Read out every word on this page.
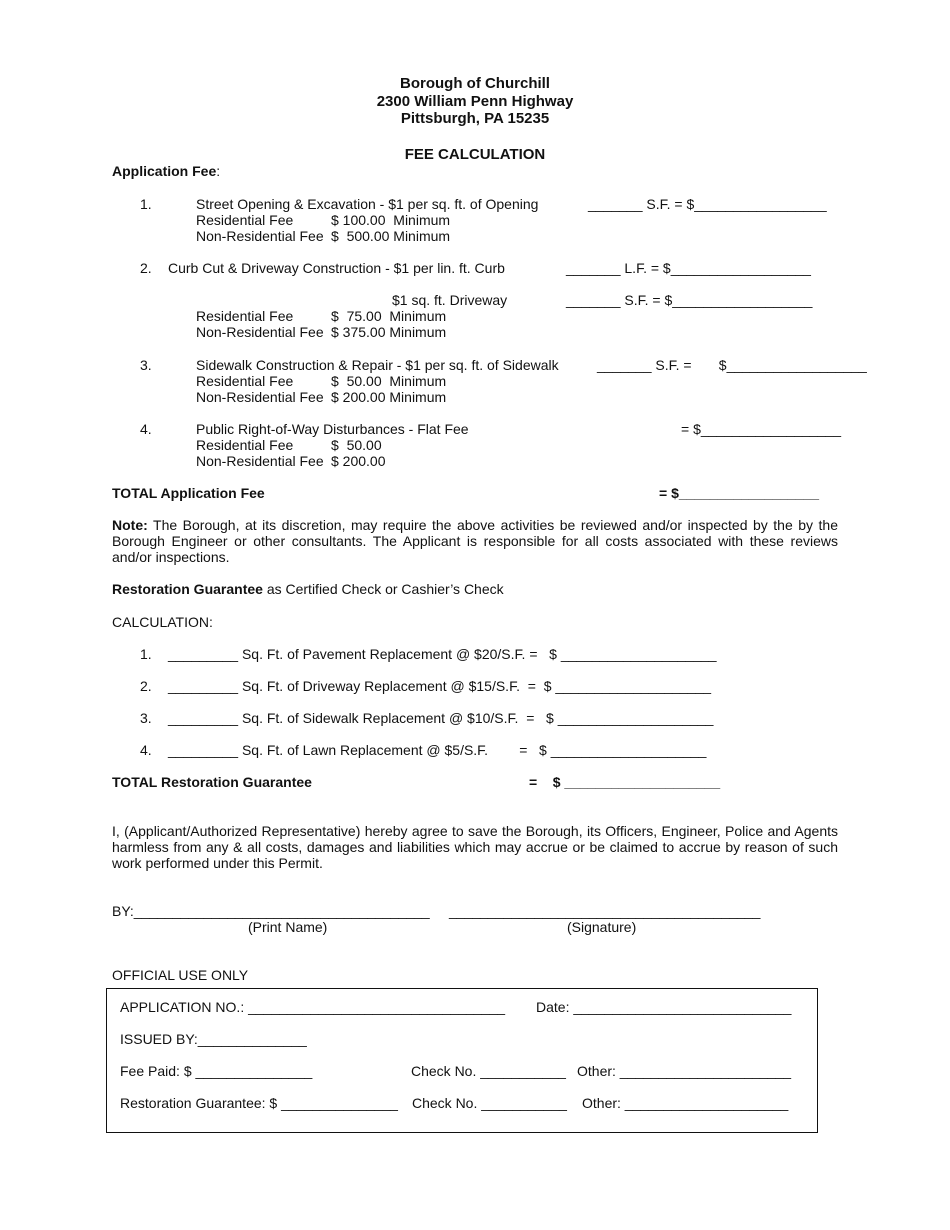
Borough of Churchill
2300 William Penn Highway
Pittsburgh, PA 15235
FEE CALCULATION
Application Fee:
1.	Street Opening & Excavation - $1 per sq. ft. of Opening	_______ S.F. = $_________________
Residential Fee	$ 100.00  Minimum
Non-Residential Fee $  500.00 Minimum
2. Curb Cut & Driveway Construction - $1 per lin. ft. Curb	_______ L.F. = $__________________
$1 sq. ft. Driveway	_______ S.F. = $__________________
Residential Fee	$  75.00  Minimum
Non-Residential Fee $ 375.00 Minimum
3.	Sidewalk Construction & Repair - $1 per sq. ft. of Sidewalk	_______ S.F. =       $__________________
Residential Fee	$  50.00  Minimum
Non-Residential Fee $ 200.00 Minimum
4.	Public Right-of-Way Disturbances - Flat Fee	= $__________________
Residential Fee	$  50.00
Non-Residential Fee $ 200.00
TOTAL Application Fee	= $__________________
Note: The Borough, at its discretion, may require the above activities be reviewed and/or inspected by the by the Borough Engineer or other consultants. The Applicant is responsible for all costs associated with these reviews and/or inspections.
Restoration Guarantee as Certified Check or Cashier’s Check
CALCULATION:
1. _________ Sq. Ft. of Pavement Replacement @ $20/S.F. =   $ ____________________
2. _________ Sq. Ft. of Driveway Replacement @ $15/S.F.  =  $ ____________________
3. _________ Sq. Ft. of Sidewalk Replacement @ $10/S.F.  =   $ ____________________
4. _________ Sq. Ft. of Lawn Replacement @ $5/S.F.        =   $ ____________________
TOTAL Restoration Guarantee	=    $ ____________________
I, (Applicant/Authorized Representative) hereby agree to save the Borough, its Officers, Engineer, Police and Agents harmless from any & all costs, damages and liabilities which may accrue or be claimed to accrue by reason of such work performed under this Permit.
BY:______________________________________ ________________________________________
(Print Name)	(Signature)
OFFICIAL USE ONLY
APPLICATION NO.: _________________________________ Date: ____________________________
ISSUED BY:______________
Fee Paid: $ _______________	Check No. ___________ Other: ______________________
Restoration Guarantee: $ _______________ Check No. ___________ Other: _____________________
